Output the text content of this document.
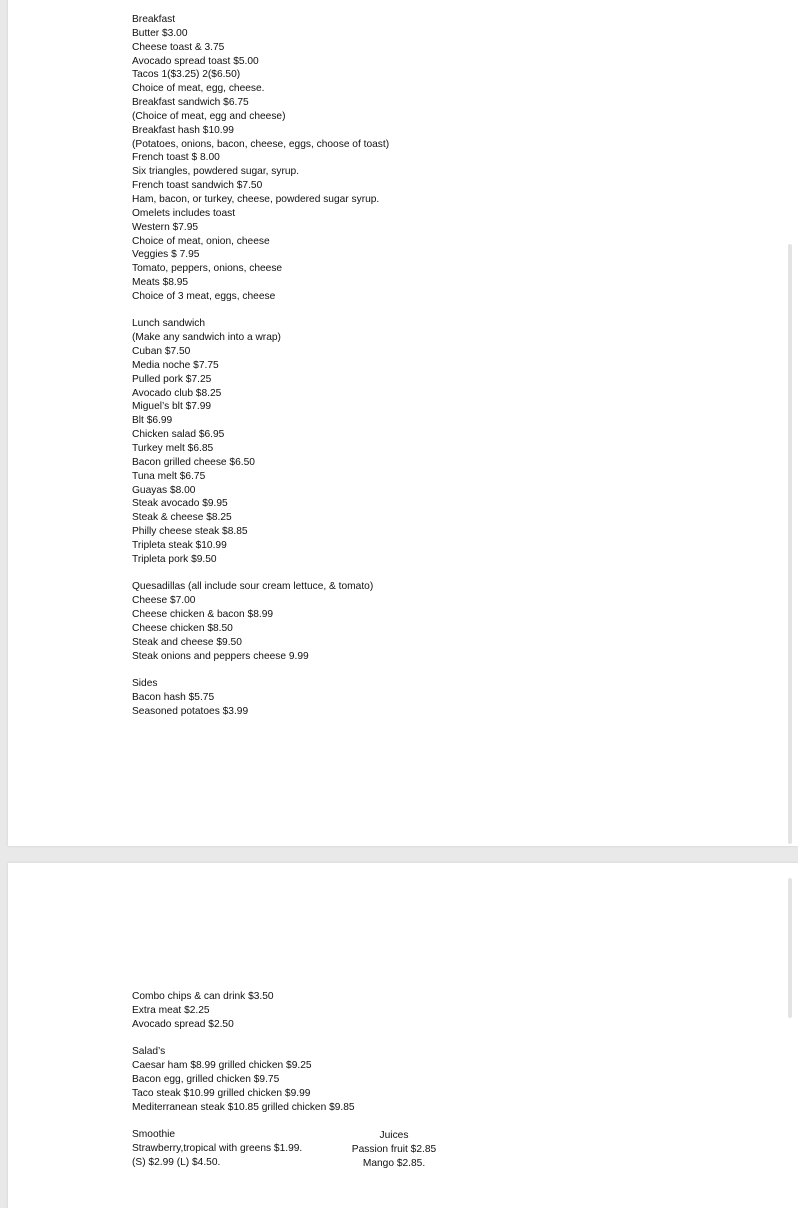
Breakfast
Butter $3.00
Cheese toast & 3.75
Avocado spread toast $5.00
Tacos 1($3.25) 2($6.50)
Choice of meat, egg, cheese.
Breakfast sandwich $6.75
(Choice of meat, egg and cheese)
Breakfast hash $10.99
(Potatoes, onions, bacon, cheese, eggs, choose of toast)
French toast $ 8.00
Six triangles, powdered sugar, syrup.
French toast sandwich $7.50
Ham, bacon, or turkey, cheese, powdered sugar syrup.
Omelets includes toast
Western $7.95
Choice of meat, onion, cheese
Veggies $ 7.95
Tomato, peppers, onions, cheese
Meats $8.95
Choice of 3 meat, eggs, cheese
Lunch sandwich
(Make any sandwich into a wrap)
Cuban $7.50
Media noche $7.75
Pulled pork $7.25
Avocado club $8.25
Miguel’s blt $7.99
Blt $6.99
Chicken salad $6.95
Turkey melt $6.85
Bacon grilled cheese $6.50
Tuna melt $6.75
Guayas $8.00
Steak avocado $9.95
Steak & cheese $8.25
Philly cheese steak $8.85
Tripleta steak $10.99
Tripleta pork $9.50
Quesadillas (all include sour cream lettuce, & tomato)
Cheese $7.00
Cheese chicken & bacon $8.99
Cheese chicken $8.50
Steak and cheese $9.50
Steak onions and peppers cheese 9.99
Sides
Bacon hash $5.75
Seasoned potatoes $3.99
Combo chips & can drink $3.50
Extra meat $2.25
Avocado spread $2.50
Salad’s
Caesar ham $8.99 grilled chicken $9.25
Bacon egg, grilled chicken $9.75
Taco steak $10.99 grilled chicken $9.99
Mediterranean steak $10.85 grilled chicken $9.85
Smoothie
Strawberry,tropical with greens $1.99.
(S) $2.99 (L) $4.50.
Juices
Passion fruit $2.85
Mango $2.85.
